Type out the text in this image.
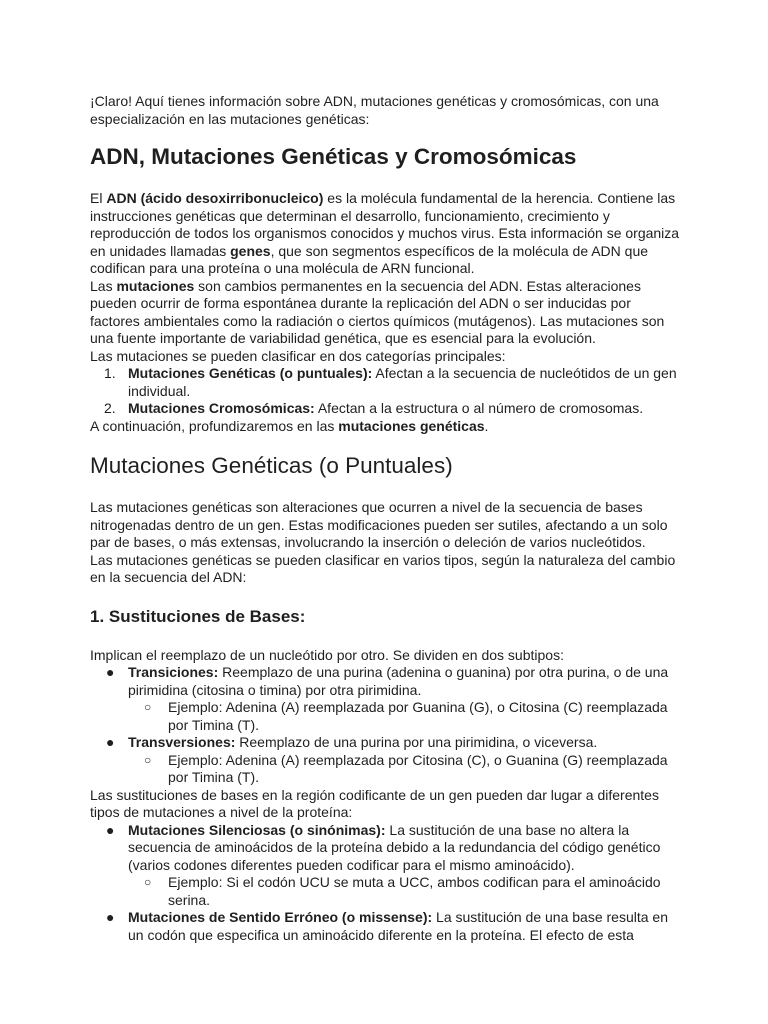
¡Claro! Aquí tienes información sobre ADN, mutaciones genéticas y cromosómicas, con una especialización en las mutaciones genéticas:

ADN, Mutaciones Genéticas y Cromosómicas

El ADN (ácido desoxirribonucleico) es la molécula fundamental de la herencia. Contiene las instrucciones genéticas que determinan el desarrollo, funcionamiento, crecimiento y reproducción de todos los organismos conocidos y muchos virus. Esta información se organiza en unidades llamadas genes, que son segmentos específicos de la molécula de ADN que codifican para una proteína o una molécula de ARN funcional.

Las mutaciones son cambios permanentes en la secuencia del ADN. Estas alteraciones pueden ocurrir de forma espontánea durante la replicación del ADN o ser inducidas por factores ambientales como la radiación o ciertos químicos (mutágenos). Las mutaciones son una fuente importante de variabilidad genética, que es esencial para la evolución.

Las mutaciones se pueden clasificar en dos categorías principales:

1. Mutaciones Genéticas (o puntuales): Afectan a la secuencia de nucleótidos de un gen individual.
2. Mutaciones Cromosómicas: Afectan a la estructura o al número de cromosomas.

A continuación, profundizaremos en las mutaciones genéticas.

Mutaciones Genéticas (o Puntuales)

Las mutaciones genéticas son alteraciones que ocurren a nivel de la secuencia de bases nitrogenadas dentro de un gen. Estas modificaciones pueden ser sutiles, afectando a un solo par de bases, o más extensas, involucrando la inserción o deleción de varios nucleótidos.

Las mutaciones genéticas se pueden clasificar en varios tipos, según la naturaleza del cambio en la secuencia del ADN:

1. Sustituciones de Bases:

Implican el reemplazo de un nucleótido por otro. Se dividen en dos subtipos:

● Transiciones: Reemplazo de una purina (adenina o guanina) por otra purina, o de una pirimidina (citosina o timina) por otra pirimidina.
○ Ejemplo: Adenina (A) reemplazada por Guanina (G), o Citosina (C) reemplazada por Timina (T).
● Transversiones: Reemplazo de una purina por una pirimidina, o viceversa.
○ Ejemplo: Adenina (A) reemplazada por Citosina (C), o Guanina (G) reemplazada por Timina (T).

Las sustituciones de bases en la región codificante de un gen pueden dar lugar a diferentes tipos de mutaciones a nivel de la proteína:

● Mutaciones Silenciosas (o sinónimas): La sustitución de una base no altera la secuencia de aminoácidos de la proteína debido a la redundancia del código genético (varios codones diferentes pueden codificar para el mismo aminoácido).
○ Ejemplo: Si el codón UCU se muta a UCC, ambos codifican para el aminoácido serina.
● Mutaciones de Sentido Erróneo (o missense): La sustitución de una base resulta en un codón que especifica un aminoácido diferente en la proteína. El efecto de esta
